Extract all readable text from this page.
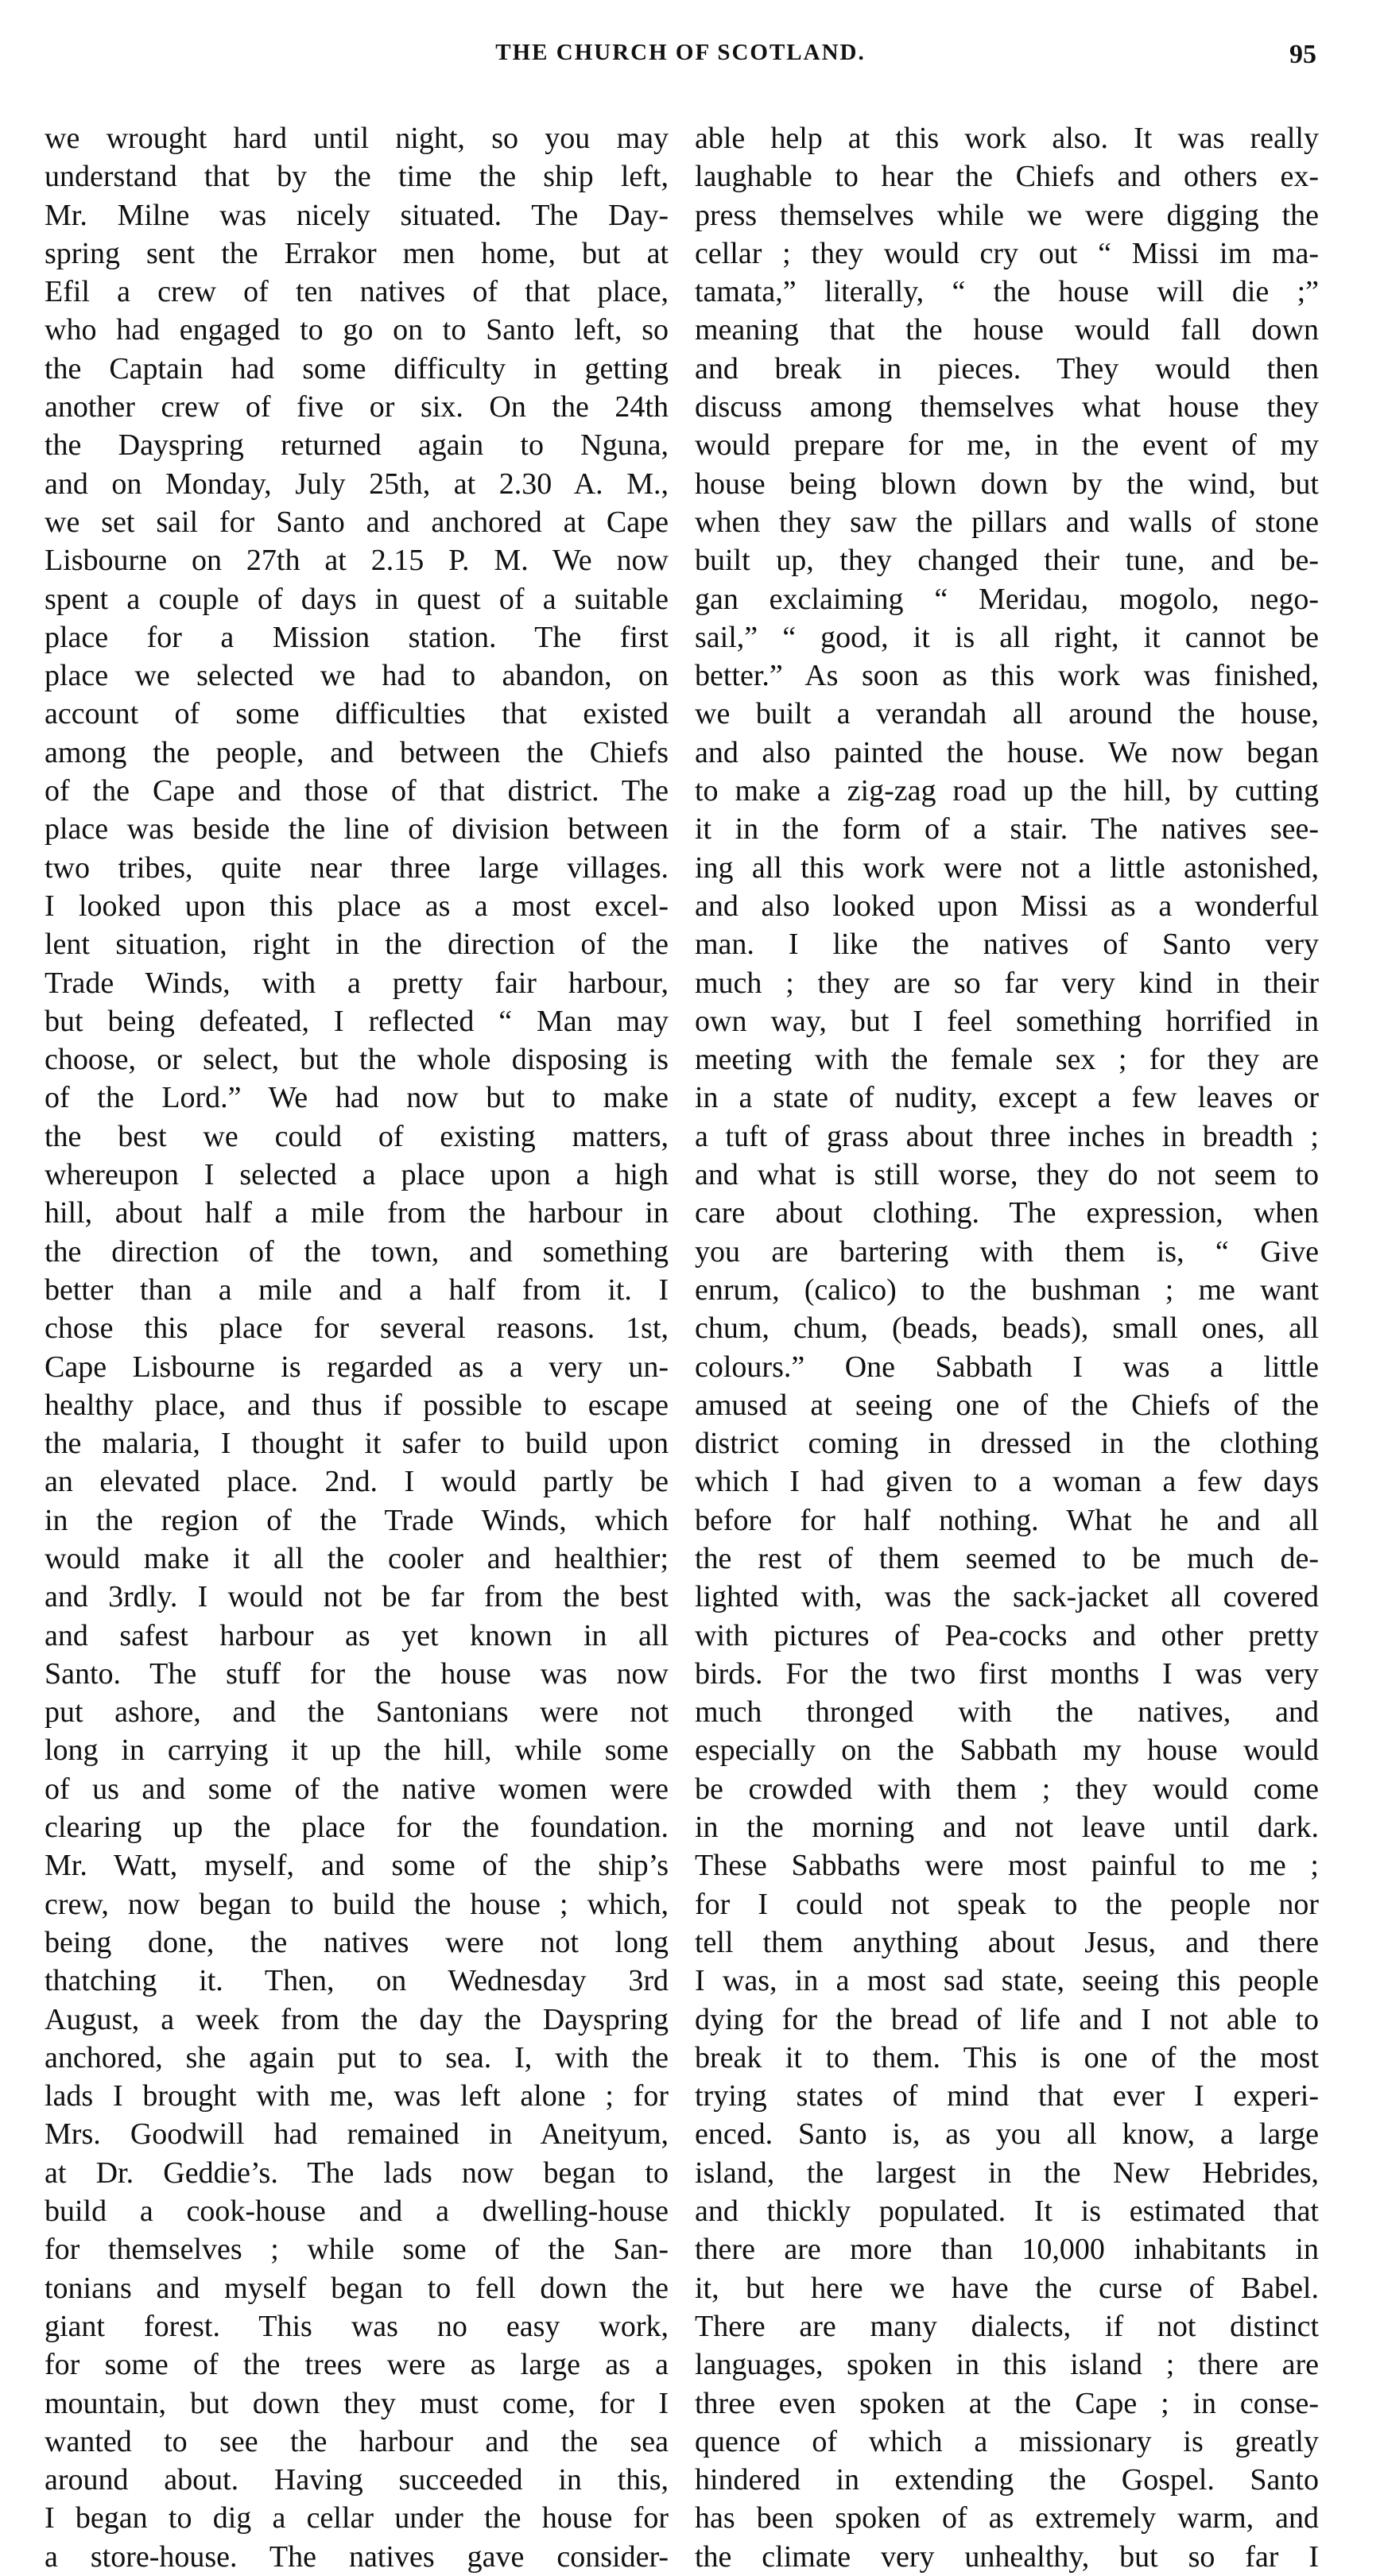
THE CHURCH OF SCOTLAND.	95
we wrought hard until night, so you may
understand that by the time the ship left,
Mr. Milne was nicely situated. The Day-
spring sent the Errakor men home, but at
Efil a crew of ten natives of that place,
who had engaged to go on to Santo left, so
the Captain had some difficulty in getting
another crew of five or six. On the 24th
the Dayspring returned again to Nguna,
and on Monday, July 25th, at 2.30 A. M.,
we set sail for Santo and anchored at Cape
Lisbourne on 27th at 2.15 P. M. We now
spent a couple of days in quest of a suitable
place for a Mission station. The first
place we selected we had to abandon, on
account of some difficulties that existed
among the people, and between the Chiefs
of the Cape and those of that district. The
place was beside the line of division between
two tribes, quite near three large villages.
I looked upon this place as a most excel-
lent situation, right in the direction of the
Trade Winds, with a pretty fair harbour,
but being defeated, I reflected “ Man may
choose, or select, but the whole disposing is
of the Lord.” We had now but to make
the best we could of existing matters,
whereupon I selected a place upon a high
hill, about half a mile from the harbour in
the direction of the town, and something
better than a mile and a half from it. I
chose this place for several reasons. 1st,
Cape Lisbourne is regarded as a very un-
healthy place, and thus if possible to escape
the malaria, I thought it safer to build upon
an elevated place. 2nd. I would partly be
in the region of the Trade Winds, which
would make it all the cooler and healthier;
and 3rdly. I would not be far from the best
and safest harbour as yet known in all
Santo. The stuff for the house was now
put ashore, and the Santonians were not
long in carrying it up the hill, while some
of us and some of the native women were
clearing up the place for the foundation.
Mr. Watt, myself, and some of the ship’s
crew, now began to build the house ; which,
being done, the natives were not long
thatching it. Then, on Wednesday 3rd
August, a week from the day the Dayspring
anchored, she again put to sea. I, with the
lads I brought with me, was left alone ; for
Mrs. Goodwill had remained in Aneityum,
at Dr. Geddie’s. The lads now began to
build a cook-house and a dwelling-house
for themselves ; while some of the San-
tonians and myself began to fell down the
giant forest. This was no easy work,
for some of the trees were as large as a
mountain, but down they must come, for I
wanted to see the harbour and the sea
around about. Having succeeded in this,
I began to dig a cellar under the house for
a store-house. The natives gave consider-
able help at this work also. It was really
laughable to hear the Chiefs and others ex-
press themselves while we were digging the
cellar ; they would cry out “ Missi im ma-
tamata,” literally, “ the house will die ;”
meaning that the house would fall down
and break in pieces. They would then
discuss among themselves what house they
would prepare for me, in the event of my
house being blown down by the wind, but
when they saw the pillars and walls of stone
built up, they changed their tune, and be-
gan exclaiming “ Meridau, mogolo, nego-
sail,” “ good, it is all right, it cannot be
better.” As soon as this work was finished,
we built a verandah all around the house,
and also painted the house. We now began
to make a zig-zag road up the hill, by cutting
it in the form of a stair. The natives see-
ing all this work were not a little astonished,
and also looked upon Missi as a wonderful
man. I like the natives of Santo very
much ; they are so far very kind in their
own way, but I feel something horrified in
meeting with the female sex ; for they are
in a state of nudity, except a few leaves or
a tuft of grass about three inches in breadth ;
and what is still worse, they do not seem to
care about clothing. The expression, when
you are bartering with them is, “ Give
enrum, (calico) to the bushman ; me want
chum, chum, (beads, beads), small ones, all
colours.” One Sabbath I was a little
amused at seeing one of the Chiefs of the
district coming in dressed in the clothing
which I had given to a woman a few days
before for half nothing. What he and all
the rest of them seemed to be much de-
lighted with, was the sack-jacket all covered
with pictures of Pea-cocks and other pretty
birds. For the two first months I was very
much thronged with the natives, and
especially on the Sabbath my house would
be crowded with them ; they would come
in the morning and not leave until dark.
These Sabbaths were most painful to me ;
for I could not speak to the people nor
tell them anything about Jesus, and there
I was, in a most sad state, seeing this people
dying for the bread of life and I not able to
break it to them. This is one of the most
trying states of mind that ever I experi-
enced. Santo is, as you all know, a large
island, the largest in the New Hebrides,
and thickly populated. It is estimated that
there are more than 10,000 inhabitants in
it, but here we have the curse of Babel.
There are many dialects, if not distinct
languages, spoken in this island ; there are
three even spoken at the Cape ; in conse-
quence of which a missionary is greatly
hindered in extending the Gospel. Santo
has been spoken of as extremely warm, and
the climate very unhealthy, but so far I
